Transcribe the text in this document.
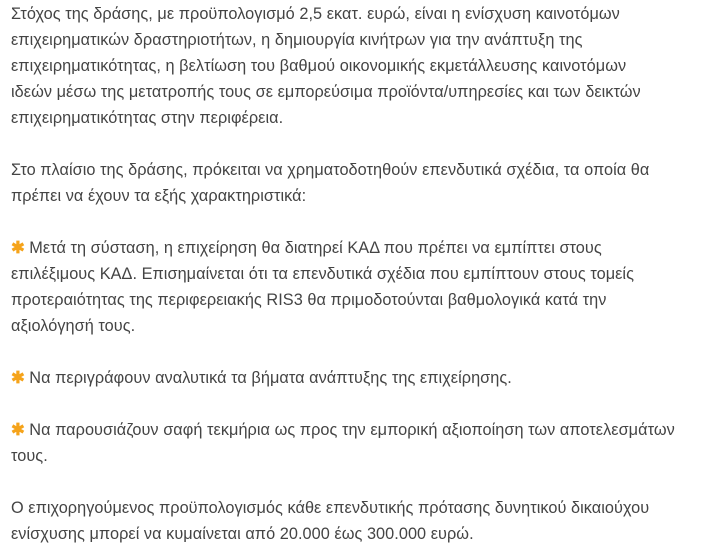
Στόχος της δράσης, με προϋπολογισμό 2,5 εκατ. ευρώ, είναι η ενίσχυση καινοτόμων
επιχειρηματικών δραστηριοτήτων, η δημιουργία κινήτρων για την ανάπτυξη της
επιχειρηματικότητας, η βελτίωση του βαθμού οικονομικής εκμετάλλευσης καινοτόμων
ιδεών μέσω της μετατροπής τους σε εμπορεύσιμα προϊόντα/υπηρεσίες και των δεικτών
επιχειρηματικότητας στην περιφέρεια.

Στο πλαίσιο της δράσης, πρόκειται να χρηματοδοτηθούν επενδυτικά σχέδια, τα οποία θα
πρέπει να έχουν τα εξής χαρακτηριστικά:

✱ Μετά τη σύσταση, η επιχείρηση θα διατηρεί ΚΑΔ που πρέπει να εμπίπτει στους
επιλέξιμους ΚΑΔ. Επισημαίνεται ότι τα επενδυτικά σχέδια που εμπίπτουν στους τομείς
προτεραιότητας της περιφερειακής RIS3 θα πριμοδοτούνται βαθμολογικά κατά την
αξιολόγησή τους.

✱ Να περιγράφουν αναλυτικά τα βήματα ανάπτυξης της επιχείρησης.

✱ Να παρουσιάζουν σαφή τεκμήρια ως προς την εμπορική αξιοποίηση των αποτελεσμάτων
τους.

Ο επιχορηγούμενος προϋπολογισμός κάθε επενδυτικής πρότασης δυνητικού δικαιούχου
ενίσχυσης μπορεί να κυμαίνεται από 20.000 έως 300.000 ευρώ.
